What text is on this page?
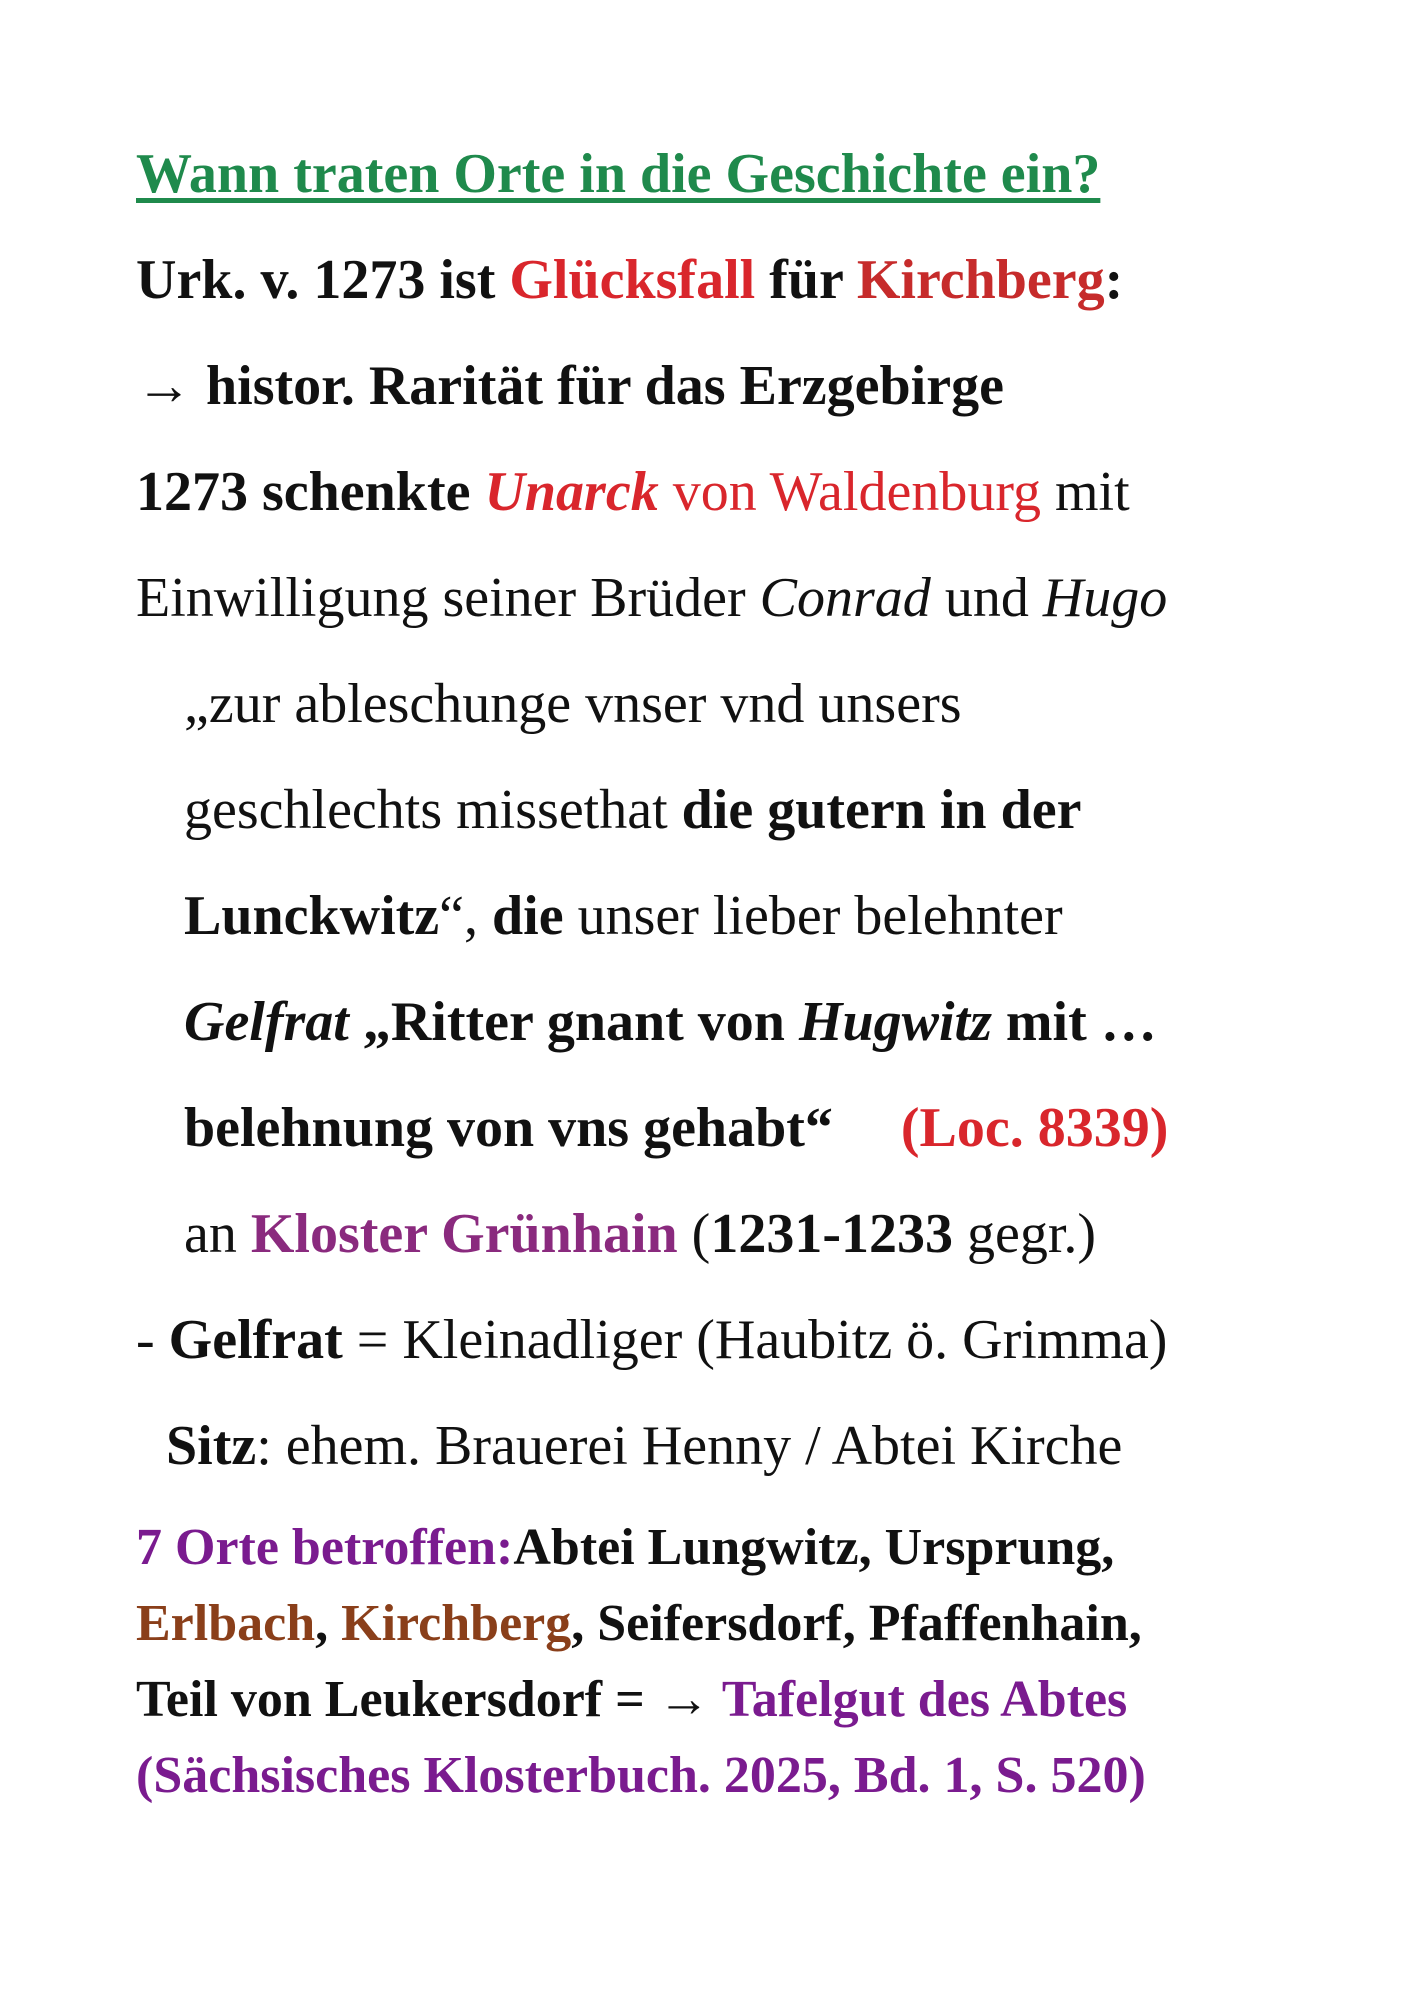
Wann traten Orte in die Geschichte ein?
Urk. v. 1273 ist Glücksfall für Kirchberg:
→ histor. Rarität für das Erzgebirge
1273 schenkte Unarck von Waldenburg mit
Einwilligung seiner Brüder Conrad und Hugo
„zur ableschunge vnser vnd unsers
geschlechts missethat die gutern in der
Lunckwitz“, die unser lieber belehnter
Gelfrat „Ritter gnant von Hugwitz mit …
belehnung von vns gehabt“ (Loc. 8339)
an Kloster Grünhain (1231-1233 gegr.)
- Gelfrat = Kleinadliger (Haubitz ö. Grimma)
Sitz: ehem. Brauerei Henny / Abtei Kirche
7 Orte betroffen:Abtei Lungwitz, Ursprung,
Erlbach, Kirchberg, Seifersdorf, Pfaffenhain,
Teil von Leukersdorf = → Tafelgut des Abtes
(Sächsisches Klosterbuch. 2025, Bd. 1, S. 520)
